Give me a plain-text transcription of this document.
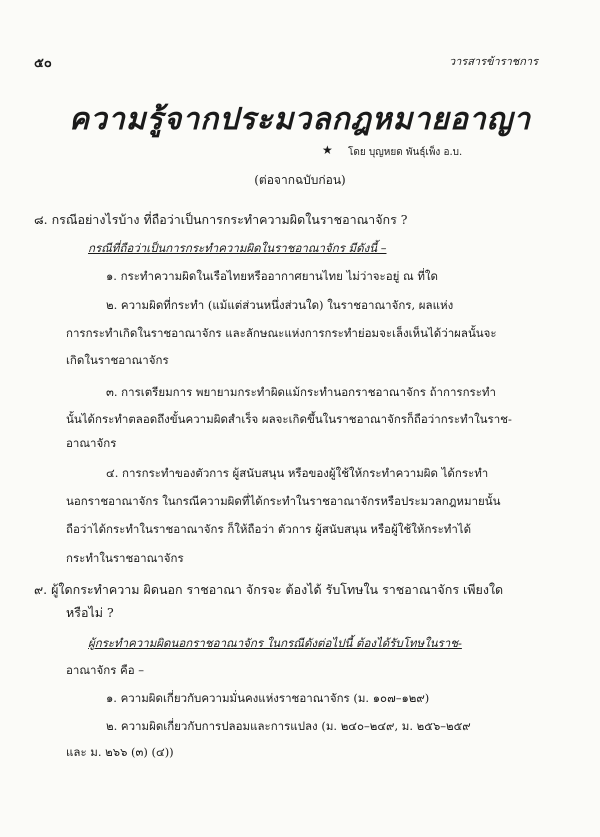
๕๐	วารสารข้าราชการ
ความรู้จากประมวลกฎหมายอาญา
★ โดย บุญหยด พันธุ์เพ็ง อ.บ.
(ต่อจากฉบับก่อน)
๘. กรณีอย่างไรบ้าง ที่ถือว่าเป็นการกระทำความผิดในราชอาณาจักร ?
กรณีที่ถือว่าเป็นการกระทำความผิดในราชอาณาจักร มีดังนี้ –
๑. กระทำความผิดในเรือไทยหรืออากาศยานไทย ไม่ว่าจะอยู่ ณ ที่ใด
๒. ความผิดที่กระทำ (แม้แต่ส่วนหนึ่งส่วนใด) ในราชอาณาจักร, ผลแห่ง
การกระทำเกิดในราชอาณาจักร และลักษณะแห่งการกระทำย่อมจะเล็งเห็นได้ว่าผลนั้นจะ
เกิดในราชอาณาจักร
๓. การเตรียมการ พยายามกระทำผิดแม้กระทำนอกราชอาณาจักร ถ้าการกระทำ
นั้นได้กระทำตลอดถึงขั้นความผิดสำเร็จ ผลจะเกิดขึ้นในราชอาณาจักรก็ถือว่ากระทำในราช-
อาณาจักร
๔. การกระทำของตัวการ ผู้สนับสนุน หรือของผู้ใช้ให้กระทำความผิด ได้กระทำ
นอกราชอาณาจักร ในกรณีความผิดที่ได้กระทำในราชอาณาจักรหรือประมวลกฎหมายนั้น
ถือว่าได้กระทำในราชอาณาจักร ก็ให้ถือว่า ตัวการ ผู้สนับสนุน หรือผู้ใช้ให้กระทำได้
กระทำในราชอาณาจักร
๙. ผู้ใดกระทำความ ผิดนอก ราชอาณา จักรจะ ต้องได้ รับโทษใน ราชอาณาจักร เพียงใด
หรือไม่ ?
ผู้กระทำความผิดนอกราชอาณาจักร ในกรณีดังต่อไปนี้ ต้องได้รับโทษในราช-
อาณาจักร คือ –
๑. ความผิดเกี่ยวกับความมั่นคงแห่งราชอาณาจักร (ม. ๑๐๗–๑๒๙)
๒. ความผิดเกี่ยวกับการปลอมและการแปลง (ม. ๒๔๐–๒๔๙, ม. ๒๕๖–๒๕๙
และ ม. ๒๖๖ (๓) (๔))
